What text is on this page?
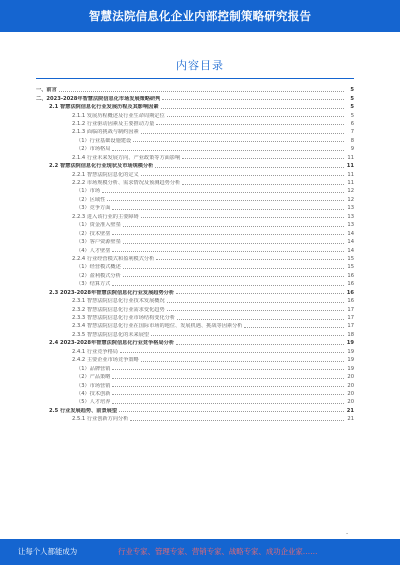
智慧法院信息化企业内部控制策略研究报告
内容目录
一、前言	5
二、2023-2028年智慧法院信息化市场发展策略研判	5
2.1 智慧法院信息化行业发展历程及其影响因素	5
2.1.1 发展历程概述及行业生命周期定位	5
2.1.2 行业驱动因素及主要推动力量	6
2.1.3 面临的挑战与制约因素	7
（1）行业基础设施建设	8
（2）市场格局	9
2.1.4 行业未来发展方向、产业政策等方面影响	11
2.2 智慧法院信息化行业现状及市场规模分析	11
2.2.1 智慧法院信息化的定义	11
2.2.2 市场规模分析、需求情况及预测趋势分析	11
（1）市场	12
（2）区域性	12
（3）竞争方面	13
2.2.3 进入该行业的主要障碍	13
（1）资金准入壁垒	13
（2）技术壁垒	14
（3）客户资源壁垒	14
（4）人才壁垒	14
2.2.4 行业经营模式和盈利模式分析	15
（1）经营模式概述	15
（2）盈利模式分析	16
（3）结算方式	16
2.3 2023-2028年智慧法院信息化行业发展趋势分析	16
2.3.1 智慧法院信息化行业技术发展概况	16
2.3.2 智慧法院信息化行业需求变化趋势	17
2.3.3 智慧法院信息化行业市场结构变化分析	17
2.3.4 智慧法院信息化行业在国际市场的地位、发展机遇、挑战等因素分析	17
2.3.5 智慧法院信息化的未来展望	18
2.4 2023-2028年智慧法院信息化行业竞争格局分析	19
2.4.1 行业竞争格局	19
2.4.2 主要企业市场竞争策略	19
（1）品牌营销	19
（2）产品策略	20
（3）市场营销	20
（4）技术创新	20
（5）人才培养	20
2.5 行业发展趋势、前景展望	21
2.5.1 行业创新方向分析	21
-
让每个人都能成为	行业专家、管理专家、营销专家、战略专家、成功企业家……
